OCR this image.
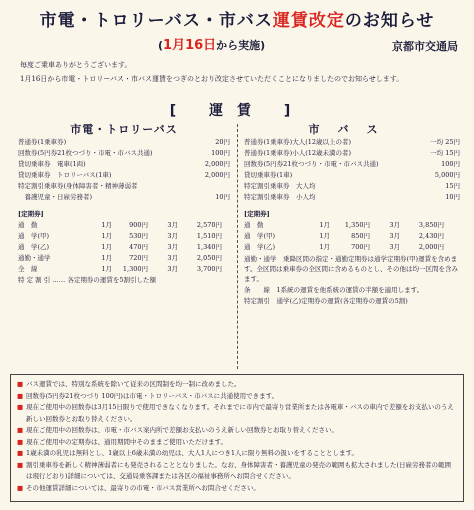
市電・トロリーバス・市バス運賃改定のお知らせ
(1月16日から実施)	京都市交通局
毎度ご乗車ありがとうございます。
1月16日から市電・トロリーバス・市バス運賃をつぎのとおり改定させていただくことになりましたのでお知らせします。
[ 運賃 ]
市電・トロリーバス
普通券(1乗車券)	20円
回数券(5円券21枚つづり・市電・市バス共通)	100円
貸切乗車券　電車(1両)	2,000円
貸切乗車券　トロリーバス(1車)	2,000円
特定割引乗車券(身体障害者・精神薄弱者
　養護児童・日雇労務者)	10円
[定期券]
通　勤	1月	900円	3月	2,570円
通　学(甲)	1月	530円	3月	1,510円
通　学(乙)	1月	470円	3月	1,340円
通勤・通学	1月	720円	3月	2,050円
全　線	1月	1,300円	3月	3,700円
特 定 割 引 …… 各定期券の運賃を5割引した額
市バス
普通券(1乗車券)大人(12歳以上の者)	一均 25円
普通券(1乗車券)小人(12歳未満の者)	一均 15円
回数券(5円券21枚つづり・市電・市バス共通)	100円
貸切乗車券(1車)	5,000円
特定割引乗車券　大人均	15円
特定割引乗車券　小人均	10円
[定期券]
通　勤	1月	1,350円	3月	3,850円
通　学(甲)	1月	850円	3月	2,430円
通　学(乙)	1月	700円	3月	2,000円
通勤・通学　乗降区間の指定・通勤定期券は通学定期券(甲)運賃を含めます。全区間は乗車券の全区間に含めるものとし、その他は均一区間を含みます。
条　　線　1系統の運賃を他系統の運賃の半額を適用します。
特定割引　通学(乙)定期券の運賃(各定期券の運賃の5割)
■ バス運賃では、特別な系統を除いて従来の区間制を均一制に改めました。
■ 回数券(5円券21枚つづり 100円)は市電・トロリーバス・市バスに共通使用できます。
■ 現在ご使用中の回数券は3月15日限りで使用できなくなります。それまでに市内で最寄り営業所または各電車・バスの車内で差額をお支払いのうえ新しい回数券とお取り替えください。
■ 現在ご使用中の回数券は、市電・市バス案内所で差額お支払いのうえ新しい回数券とお取り替えください。
■ 現在ご使用中の定期券は、通用期間中そのままご使用いただけます。
■ 1歳未満の乳児は無料とし、1歳以上6歳未満の幼児は、大人1人につき1人に限り無料の扱いをすることとします。
■ 割引乗車券を新しく精神薄弱者にも発売されることとなりました。なお、身体障害者・養護児童の発売の範囲も拡大されました(日雇労務者の範囲は現行どおり)詳細については、交通局乗客課または各区の福祉事務所へお問合せください。
■ その他運賃詳細については、最寄りの市電・市バス営業所へお問合せください。
